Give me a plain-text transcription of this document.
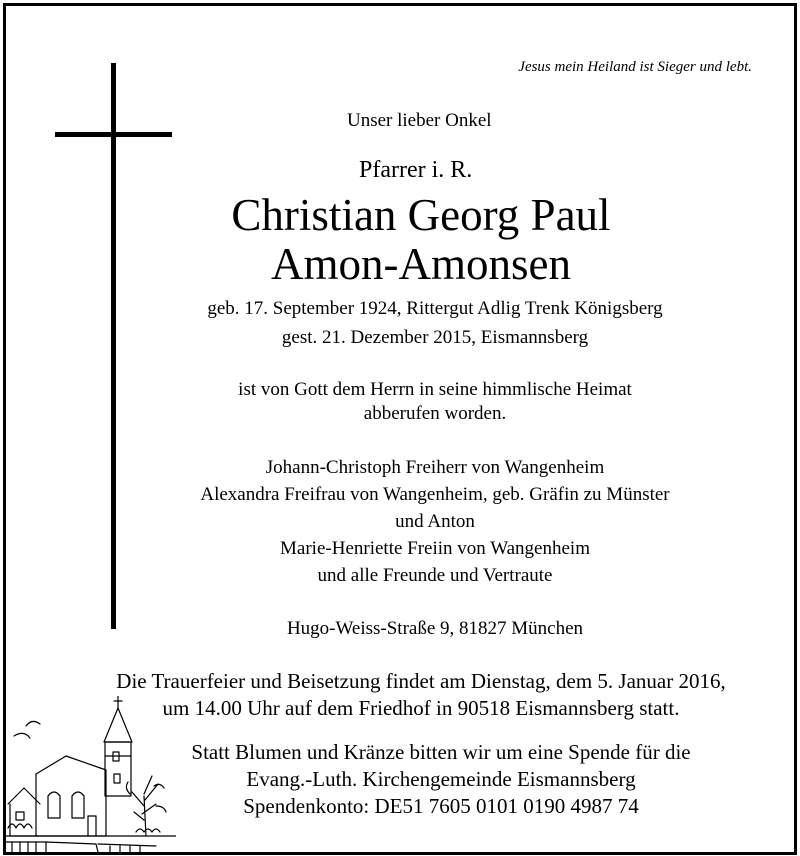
Jesus mein Heiland ist Sieger und lebt.
Unser lieber Onkel
Pfarrer i. R.
Christian Georg Paul
Amon-Amonsen
geb. 17. September 1924, Rittergut Adlig Trenk Königsberg
gest. 21. Dezember 2015, Eismannsberg
ist von Gott dem Herrn in seine himmlische Heimat
abberufen worden.
Johann-Christoph Freiherr von Wangenheim
Alexandra Freifrau von Wangenheim, geb. Gräfin zu Münster
und Anton
Marie-Henriette Freiin von Wangenheim
und alle Freunde und Vertraute
Hugo-Weiss-Straße 9, 81827 München
Die Trauerfeier und Beisetzung findet am Dienstag, dem 5. Januar 2016,
um 14.00 Uhr auf dem Friedhof in 90518 Eismannsberg statt.
Statt Blumen und Kränze bitten wir um eine Spende für die
Evang.-Luth. Kirchengemeinde Eismannsberg
Spendenkonto: DE51 7605 0101 0190 4987 74
